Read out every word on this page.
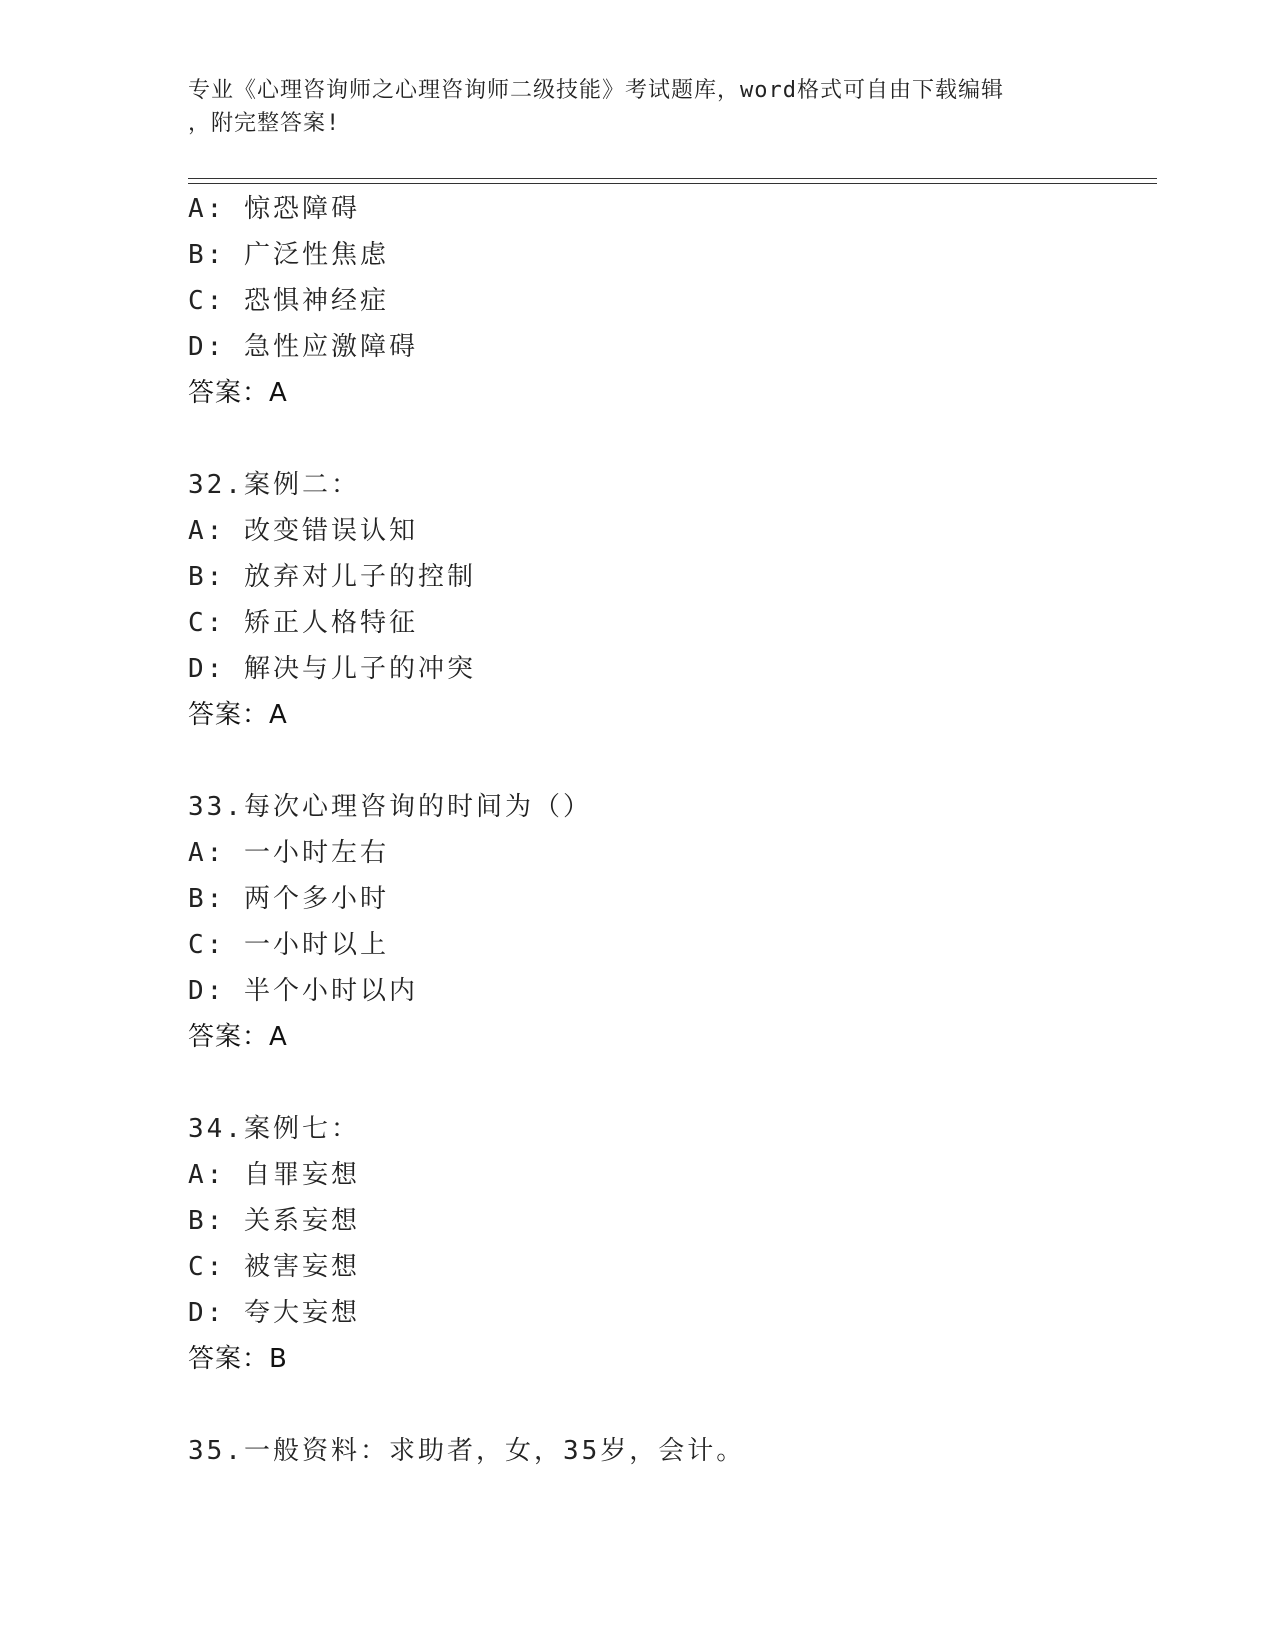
专业《心理咨询师之心理咨询师二级技能》考试题库，word格式可自由下载编辑
，附完整答案!
A: 惊恐障碍
B: 广泛性焦虑
C: 恐惧神经症
D: 急性应激障碍
答案：A
32.案例二：
A: 改变错误认知
B: 放弃对儿子的控制
C: 矫正人格特征
D: 解决与儿子的冲突
答案：A
33.每次心理咨询的时间为（）
A: 一小时左右
B: 两个多小时
C: 一小时以上
D: 半个小时以内
答案：A
34.案例七：
A: 自罪妄想
B: 关系妄想
C: 被害妄想
D: 夸大妄想
答案：B
35.一般资料：求助者，女，35岁，会计。
